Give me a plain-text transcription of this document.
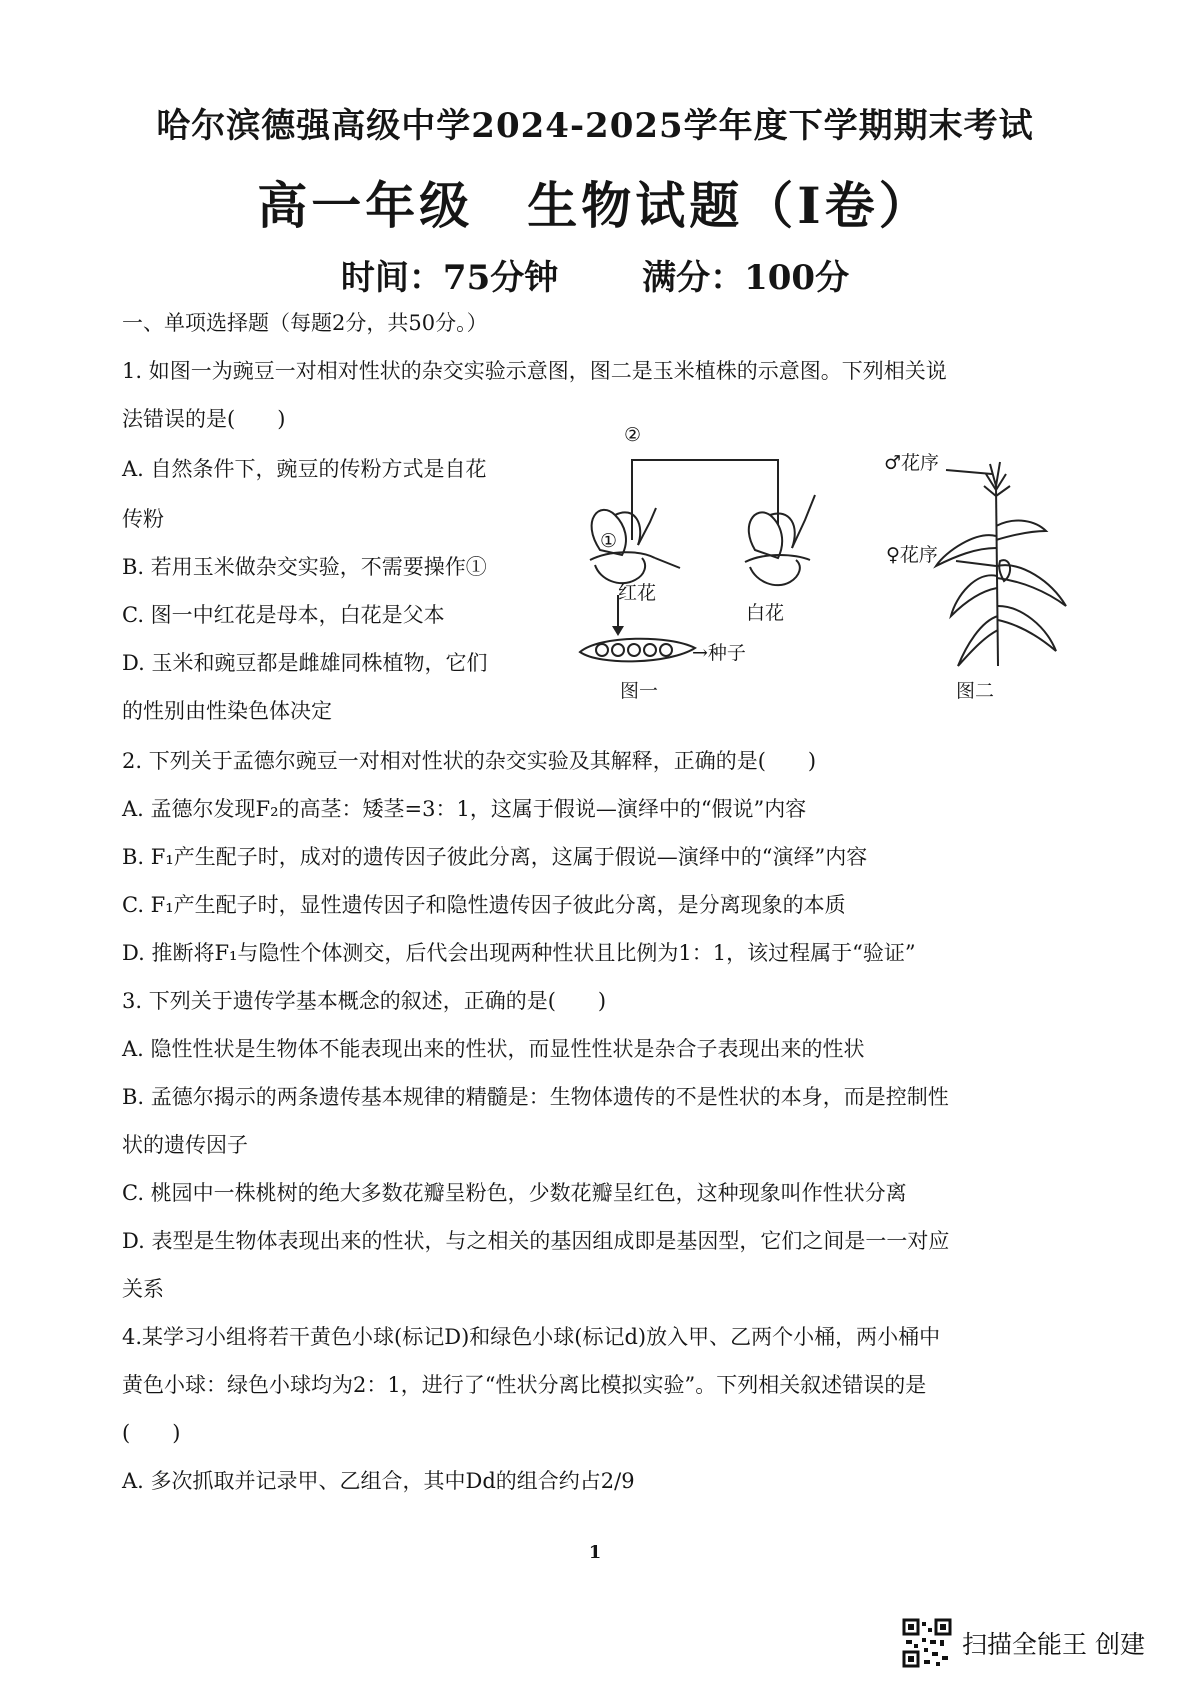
哈尔滨德强高级中学2024-2025学年度下学期期末考试
高一年级　生物试题（I卷）
时间：75分钟 满分：100分
一、单项选择题（每题2分，共50分。）
1. 如图一为豌豆一对相对性状的杂交实验示意图，图二是玉米植株的示意图。下列相关说
法错误的是(　　)
A. 自然条件下，豌豆的传粉方式是自花
传粉
B. 若用玉米做杂交实验，不需要操作①
C. 图一中红花是母本，白花是父本
D. 玉米和豌豆都是雌雄同株植物，它们
的性别由性染色体决定
②
①
红花
白花
→种子
图一
♂花序
♀花序
图二
2. 下列关于孟德尔豌豆一对相对性状的杂交实验及其解释，正确的是(　　)
A. 孟德尔发现F₂的高茎：矮茎=3：1，这属于假说—演绎中的“假说”内容
B. F₁产生配子时，成对的遗传因子彼此分离，这属于假说—演绎中的“演绎”内容
C. F₁产生配子时，显性遗传因子和隐性遗传因子彼此分离，是分离现象的本质
D. 推断将F₁与隐性个体测交，后代会出现两种性状且比例为1：1，该过程属于“验证”
3. 下列关于遗传学基本概念的叙述，正确的是(　　)
A. 隐性性状是生物体不能表现出来的性状，而显性性状是杂合子表现出来的性状
B. 孟德尔揭示的两条遗传基本规律的精髓是：生物体遗传的不是性状的本身，而是控制性
状的遗传因子
C. 桃园中一株桃树的绝大多数花瓣呈粉色，少数花瓣呈红色，这种现象叫作性状分离
D. 表型是生物体表现出来的性状，与之相关的基因组成即是基因型，它们之间是一一对应
关系
4.某学习小组将若干黄色小球(标记D)和绿色小球(标记d)放入甲、乙两个小桶，两小桶中
黄色小球：绿色小球均为2：1，进行了“性状分离比模拟实验”。下列相关叙述错误的是
(　　)
A. 多次抓取并记录甲、乙组合，其中Dd的组合约占2/9
1
扫描全能王 创建
